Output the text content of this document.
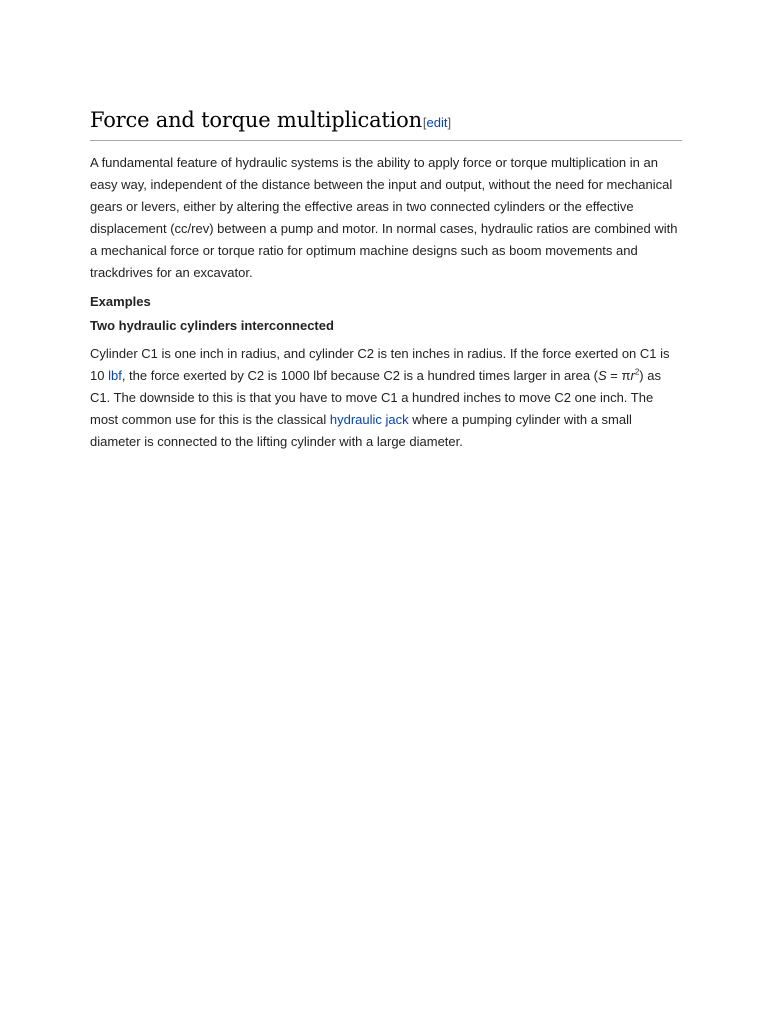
Force and torque multiplication[edit]

A fundamental feature of hydraulic systems is the ability to apply force or torque multiplication in an easy way, independent of the distance between the input and output, without the need for mechanical gears or levers, either by altering the effective areas in two connected cylinders or the effective displacement (cc/rev) between a pump and motor. In normal cases, hydraulic ratios are combined with a mechanical force or torque ratio for optimum machine designs such as boom movements and trackdrives for an excavator.

Examples
Two hydraulic cylinders interconnected

Cylinder C1 is one inch in radius, and cylinder C2 is ten inches in radius. If the force exerted on C1 is 10 lbf, the force exerted by C2 is 1000 lbf because C2 is a hundred times larger in area $(S = \pi r^2)$ as C1. The downside to this is that you have to move C1 a hundred inches to move C2 one inch. The most common use for this is the classical hydraulic jack where a pumping cylinder with a small diameter is connected to the lifting cylinder with a large diameter.
